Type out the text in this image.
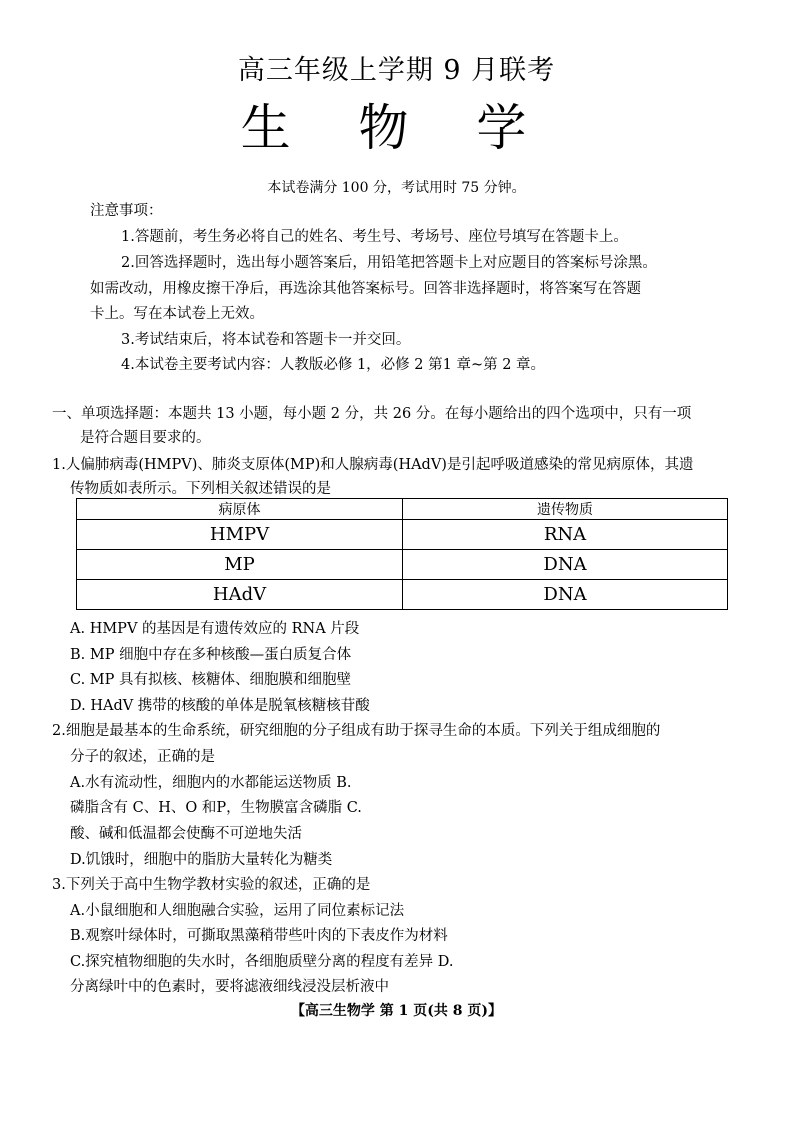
高三年级上学期 9 月联考
生 物 学
本试卷满分 100 分，考试用时 75 分钟。
注意事项：
1.答题前，考生务必将自己的姓名、考生号、考场号、座位号填写在答题卡上。
2.回答选择题时，选出每小题答案后，用铅笔把答题卡上对应题目的答案标号涂黑。
如需改动，用橡皮擦干净后，再选涂其他答案标号。回答非选择题时，将答案写在答题
卡上。写在本试卷上无效。
3.考试结束后，将本试卷和答题卡一并交回。
4.本试卷主要考试内容：人教版必修 1，必修 2 第1 章~第 2 章。
一、单项选择题：本题共 13 小题，每小题 2 分，共 26 分。在每小题给出的四个选项中，只有一项
是符合题目要求的。
1.人偏肺病毒(HMPV)、肺炎支原体(MP)和人腺病毒(HAdV)是引起呼吸道感染的常见病原体，其遗
传物质如表所示。下列相关叙述错误的是
病原体	遗传物质
HMPV	RNA
MP	DNA
HAdV	DNA
A. HMPV 的基因是有遗传效应的 RNA 片段
B. MP 细胞中存在多种核酸—蛋白质复合体
C. MP 具有拟核、核糖体、细胞膜和细胞壁
D. HAdV 携带的核酸的单体是脱氧核糖核苷酸
2.细胞是最基本的生命系统，研究细胞的分子组成有助于探寻生命的本质。下列关于组成细胞的
分子的叙述，正确的是
A.水有流动性，细胞内的水都能运送物质 B.
磷脂含有 C、H、O 和P，生物膜富含磷脂 C.
酸、碱和低温都会使酶不可逆地失活
D.饥饿时，细胞中的脂肪大量转化为糖类
3.下列关于高中生物学教材实验的叙述，正确的是
A.小鼠细胞和人细胞融合实验，运用了同位素标记法
B.观察叶绿体时，可撕取黑藻稍带些叶肉的下表皮作为材料
C.探究植物细胞的失水时，各细胞质壁分离的程度有差异 D.
分离绿叶中的色素时，要将滤液细线浸没层析液中
【高三生物学 第 1 页(共 8 页)】
